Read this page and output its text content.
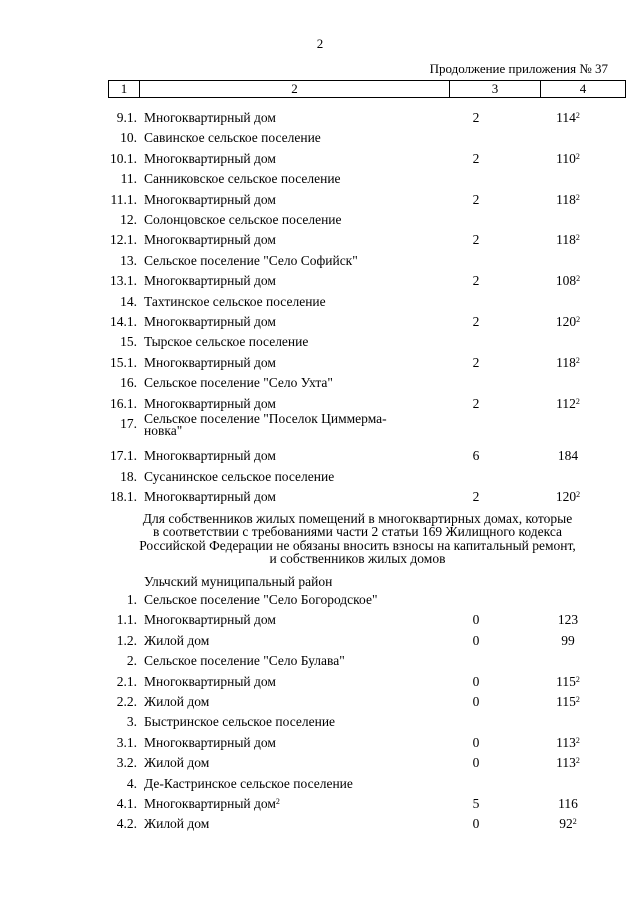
2
Продолжение приложения № 37
1	2	3	4
9.1. Многоквартирный дом	2	$114^2$
10. Савинское сельское поселение
10.1. Многоквартирный дом	2	$110^2$
11. Санниковское сельское поселение
11.1. Многоквартирный дом	2	$118^2$
12. Солонцовское сельское поселение
12.1. Многоквартирный дом	2	$118^2$
13. Сельское поселение "Село Софийск"
13.1. Многоквартирный дом	2	$108^2$
14. Тахтинское сельское поселение
14.1. Многоквартирный дом	2	$120^2$
15. Тырское сельское поселение
15.1. Многоквартирный дом	2	$118^2$
16. Сельское поселение "Село Ухта"
16.1. Многоквартирный дом	2	$112^2$
17. Сельское поселение "Поселок Циммерма-
новка"
17.1. Многоквартирный дом	6	184
18. Сусанинское сельское поселение
18.1. Многоквартирный дом	2	$120^2$
Для собственников жилых помещений в многоквартирных домах, которые
в соответствии с требованиями части 2 статьи 169 Жилищного кодекса
Российской Федерации не обязаны вносить взносы на капитальный ремонт,
и собственников жилых домов
Ульчский муниципальный район
1. Сельское поселение "Село Богородское"
1.1. Многоквартирный дом	0	123
1.2. Жилой дом	0	99
2. Сельское поселение "Село Булава"
2.1. Многоквартирный дом	0	$115^2$
2.2. Жилой дом	0	$115^2$
3. Быстринское сельское поселение
3.1. Многоквартирный дом	0	$113^2$
3.2. Жилой дом	0	$113^2$
4. Де-Кастринское сельское поселение
4.1. Многоквартирный дом$^2$	5	116
4.2. Жилой дом	0	$92^2$
